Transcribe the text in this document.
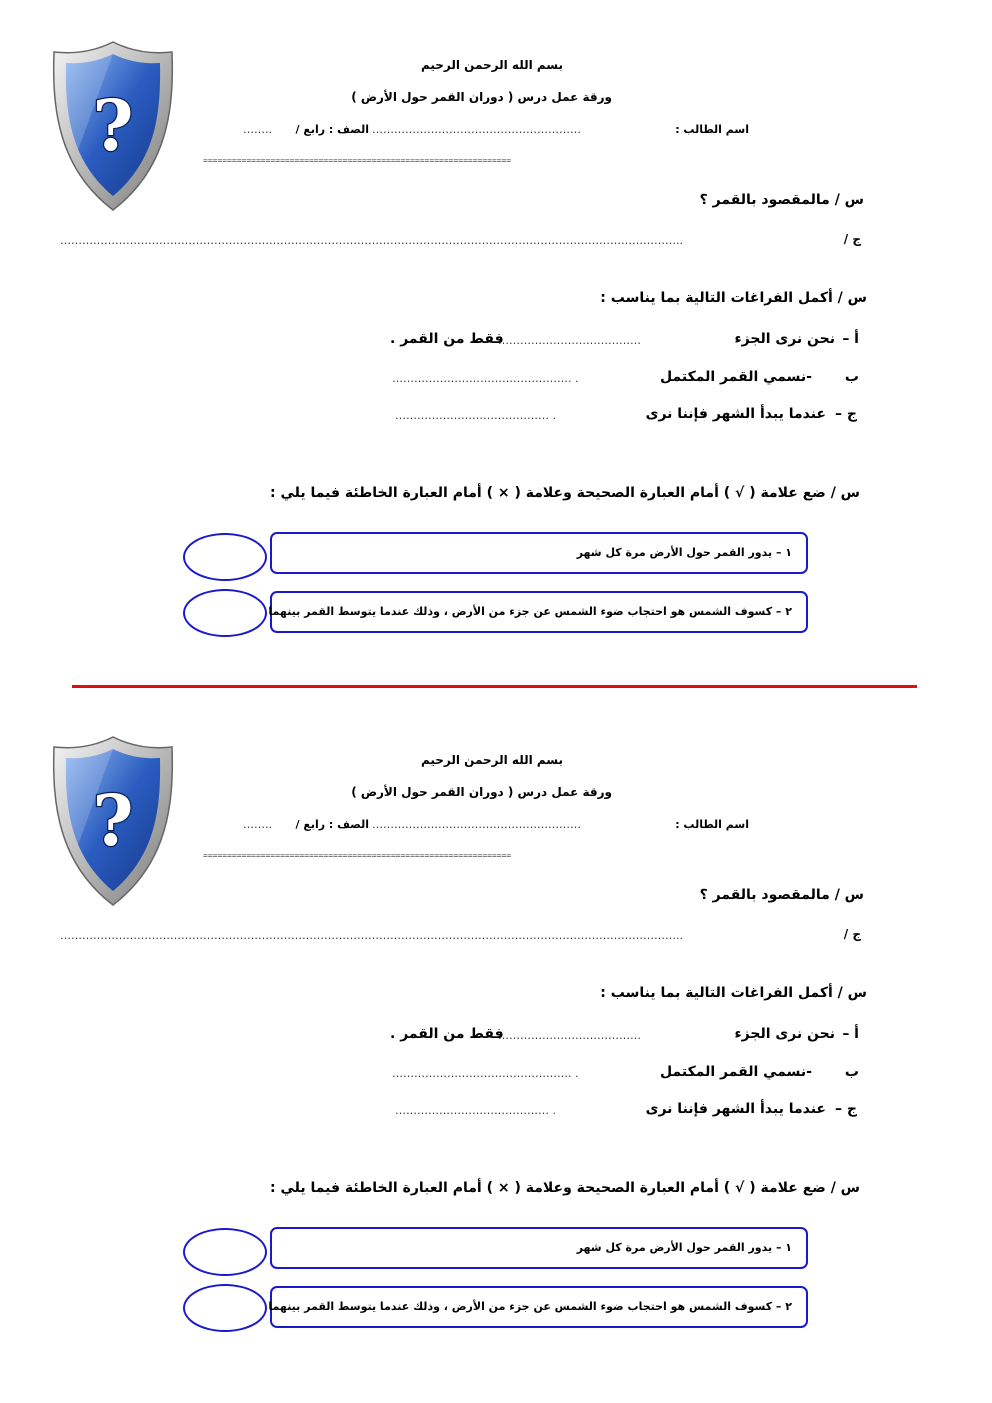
?
بسم الله الرحمن الرحيم
ورقة عمل درس ( دوران القمر حول الأرض )
اسم الطالب :
…………………………………………………
الصف : رابع /
……..
================================================================
س / مالمقصود بالقمر ؟
ج /
……………………………………………………………………………………………………………………………………………………..
س / أكمل الفراغات التالية بما يناسب :
أ –
نحن نرى الجزء
…………………………………
فقط من القمر .
ب
-نسمي القمر المكتمل
…………………………………………. .
ج –
عندما يبدأ الشهر فإننا نرى
…………………………………… .
س / ضع علامة ( √ ) أمام العبارة الصحيحة وعلامة ( × ) أمام العبارة الخاطئة فيما يلي :
١ – يدور القمر حول الأرض مرة كل شهر
٢ – كسوف الشمس هو احتجاب ضوء الشمس عن جزء من الأرض ، وذلك عندما يتوسط القمر بينهما
?
بسم الله الرحمن الرحيم
ورقة عمل درس ( دوران القمر حول الأرض )
اسم الطالب :
…………………………………………………
الصف : رابع /
……..
================================================================
س / مالمقصود بالقمر ؟
ج /
……………………………………………………………………………………………………………………………………………………..
س / أكمل الفراغات التالية بما يناسب :
أ –
نحن نرى الجزء
…………………………………
فقط من القمر .
ب
-نسمي القمر المكتمل
…………………………………………. .
ج –
عندما يبدأ الشهر فإننا نرى
…………………………………… .
س / ضع علامة ( √ ) أمام العبارة الصحيحة وعلامة ( × ) أمام العبارة الخاطئة فيما يلي :
١ – يدور القمر حول الأرض مرة كل شهر
٢ – كسوف الشمس هو احتجاب ضوء الشمس عن جزء من الأرض ، وذلك عندما يتوسط القمر بينهما
